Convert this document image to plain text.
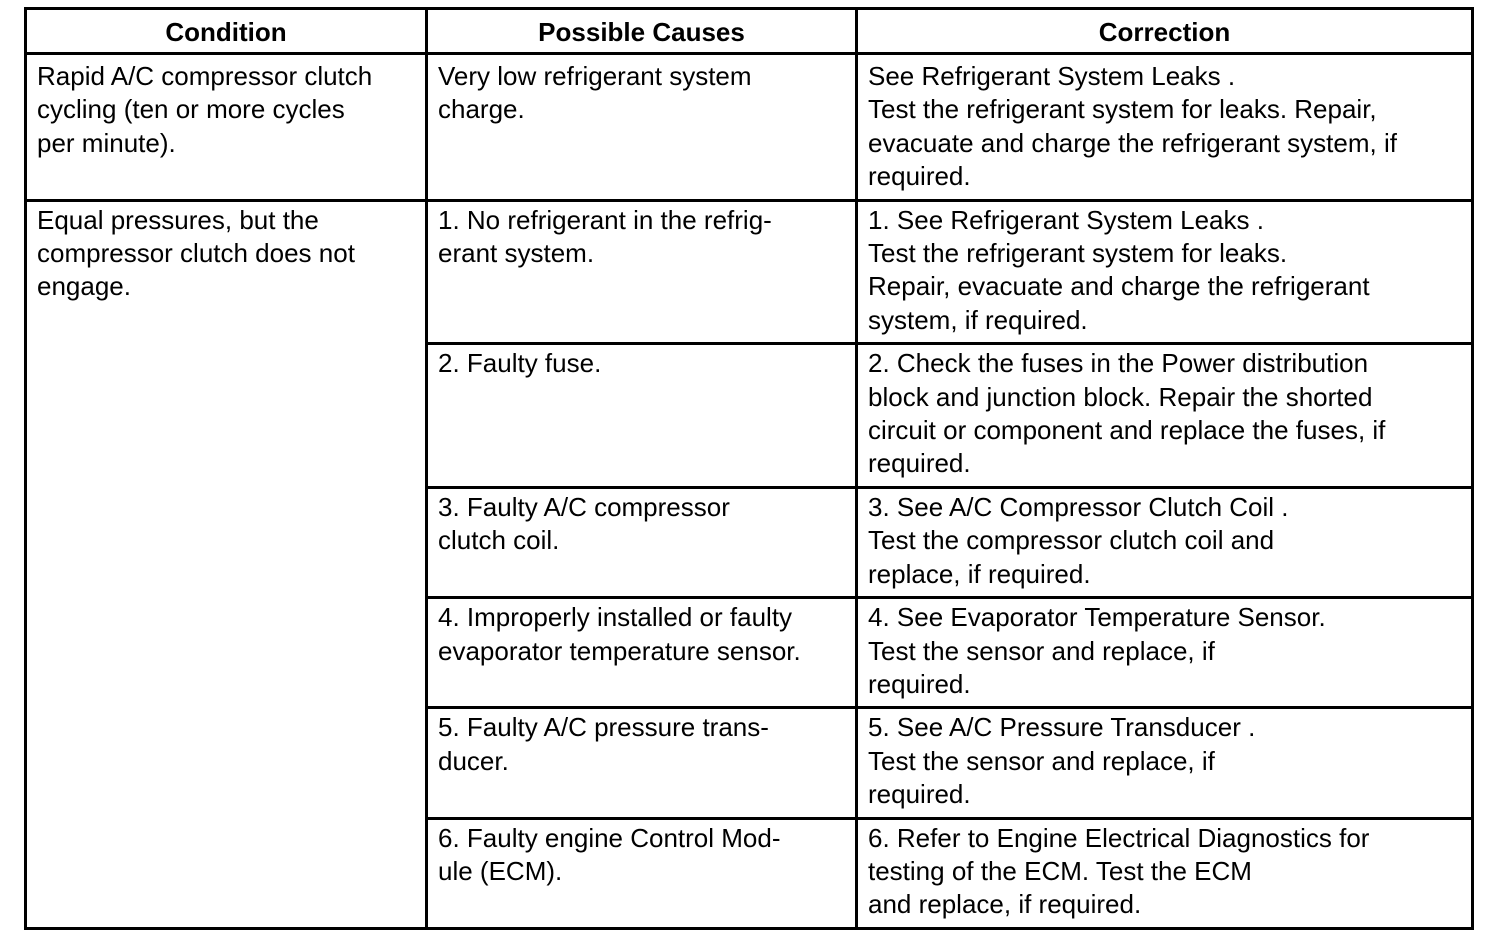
Condition	Possible Causes	Correction
Rapid A/C compressor clutch
cycling (ten or more cycles
per minute).	Very low refrigerant system
charge.	See Refrigerant System Leaks .
Test the refrigerant system for leaks. Repair,
evacuate and charge the refrigerant system, if
required.
Equal pressures, but the
compressor clutch does not
engage.	1. No refrigerant in the refrig-
erant system.	1. See Refrigerant System Leaks .
Test the refrigerant system for leaks.
Repair, evacuate and charge the refrigerant
system, if required.
	2. Faulty fuse.	2. Check the fuses in the Power distribution
block and junction block. Repair the shorted
circuit or component and replace the fuses, if
required.
	3. Faulty A/C compressor
clutch coil.	3. See A/C Compressor Clutch Coil .
Test the compressor clutch coil and
replace, if required.
	4. Improperly installed or faulty
evaporator temperature sensor.	4. See Evaporator Temperature Sensor.
Test the sensor and replace, if
required.
	5. Faulty A/C pressure trans-
ducer.	5. See A/C Pressure Transducer .
Test the sensor and replace, if
required.
	6. Faulty engine Control Mod-
ule (ECM).	6. Refer to Engine Electrical Diagnostics for
testing of the ECM. Test the ECM
and replace, if required.
